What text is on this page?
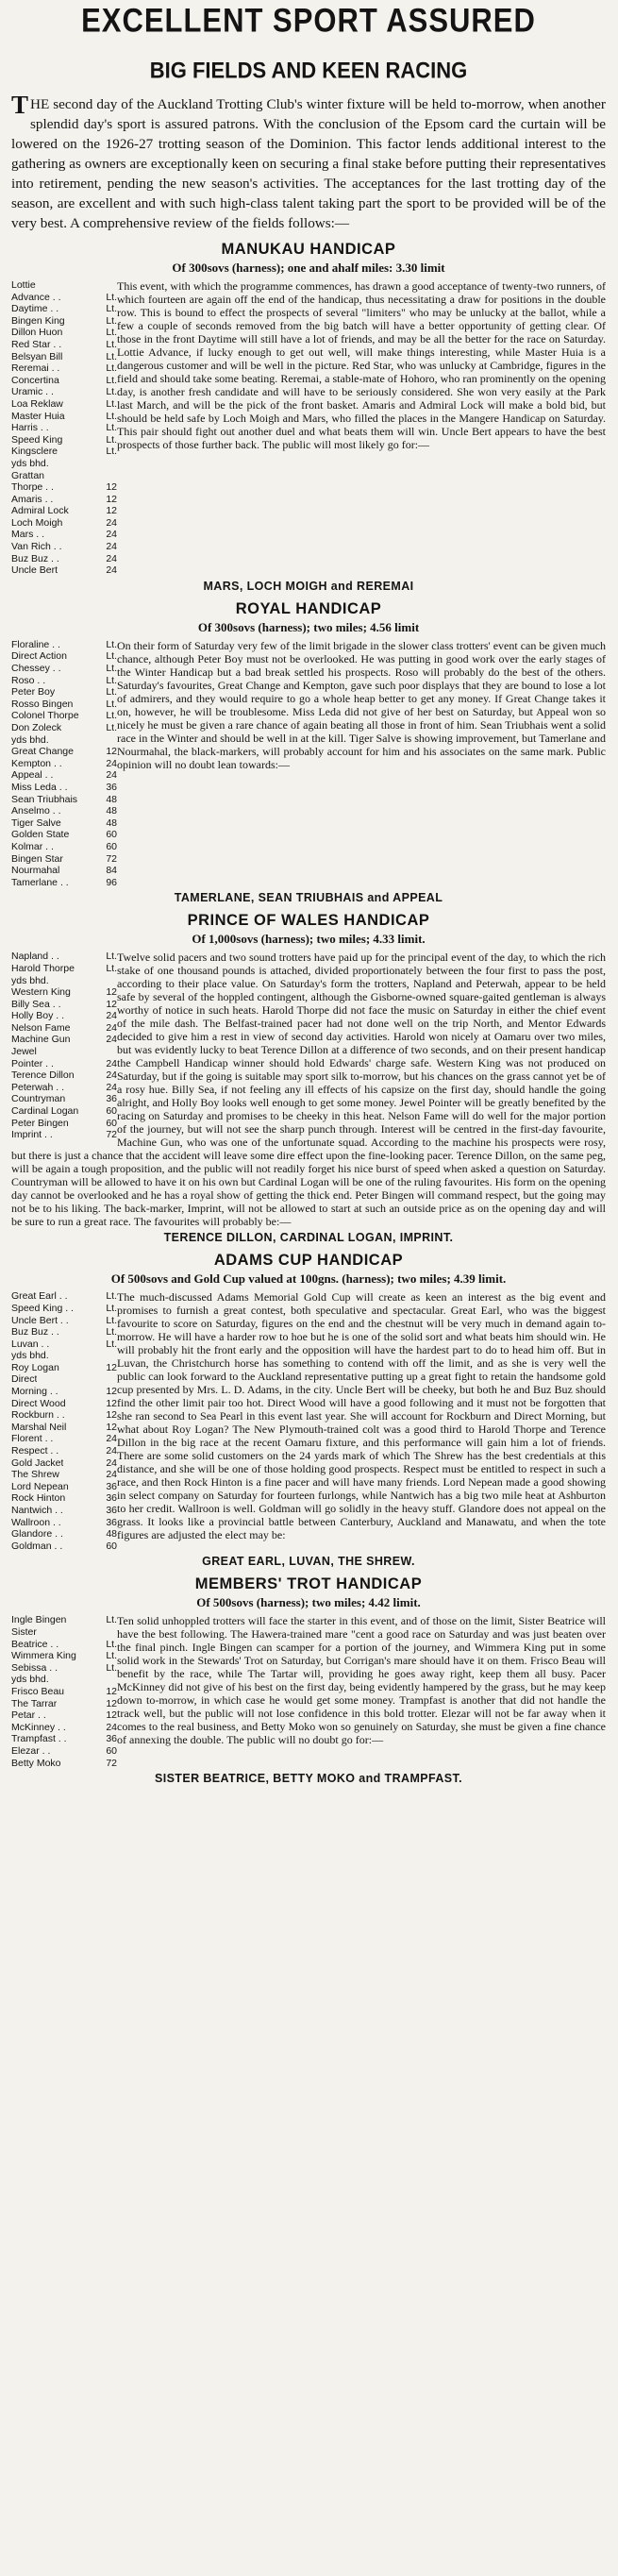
EXCELLENT SPORT ASSURED
BIG FIELDS AND KEEN RACING
THE second day of the Auckland Trotting Club's winter fixture will be held to-morrow, when another splendid day's sport is assured patrons. With the conclusion of the Epsom card the curtain will be lowered on the 1926-27 trotting season of the Dominion. This factor lends additional interest to the gathering as owners are exceptionally keen on securing a final stake before putting their representatives into retirement, pending the new season's activities. The acceptances for the last trotting day of the season, are excellent and with such high-class talent taking part the sport to be provided will be of the very best. A comprehensive review of the fields follows:—
MANUKAU HANDICAP
Of 300sovs (harness); one and ahalf miles: 3.30 limit
Lottie
Advance . .	Lt.
Daytime . .	Lt.
Bingen King	Lt.
Dillon Huon	Lt.
Red Star . .	Lt.
Belsyan Bill	Lt.
Reremai . .	Lt.
Concertina	Lt.
Uramic . .	Lt.
Loa Reklaw	Lt.
Master Huia	Lt.
Harris . .	Lt.
Speed King	Lt.
Kingsclere	Lt.
yds bhd.
Grattan
Thorpe . .	12
Amaris . .	12
Admiral Lock	12
Loch Moigh	24
Mars . .	24
Van Rich . .	24
Buz Buz . .	24
Uncle Bert	24
This event, with which the programme commences, has drawn a good acceptance of twenty-two runners, of which fourteen are again off the end of the handicap, thus necessitating a draw for positions in the double row. This is bound to effect the prospects of several "limiters" who may be unlucky at the ballot, while a few a couple of seconds removed from the big batch will have a better opportunity of getting clear. Of those in the front Daytime will still have a lot of friends, and may be all the better for the race on Saturday. Lottie Advance, if lucky enough to get out well, will make things interesting, while Master Huia is a dangerous customer and will be well in the picture. Red Star, who was unlucky at Cambridge, figures in the field and should take some beating. Reremai, a stable-mate of Hohoro, who ran prominently on the opening day, is another fresh candidate and will have to be seriously considered. She won very easily at the Park last March, and will be the pick of the front basket. Amaris and Admiral Lock will make a bold bid, but should be held safe by Loch Moigh and Mars, who filled the places in the Mangere Handicap on Saturday. This pair should fight out another duel and what beats them will win. Uncle Bert appears to have the best prospects of those further back. The public will most likely go for:—
MARS, LOCH MOIGH and REREMAI
ROYAL HANDICAP
Of 300sovs (harness); two miles; 4.56 limit
Floraline . .	Lt.
Direct Action	Lt.
Chessey . .	Lt.
Roso . .	Lt.
Peter Boy	Lt.
Rosso Bingen	Lt.
Colonel Thorpe	Lt.
Don Zoleck	Lt.
yds bhd.
Great Change	12
Kempton . .	24
Appeal . .	24
Miss Leda . .	36
Sean Triubhais	48
Anselmo . .	48
Tiger Salve	48
Golden State	60
Kolmar . .	60
Bingen Star	72
Nourmahal	84
Tamerlane . .	96
On their form of Saturday very few of the limit brigade in the slower class trotters' event can be given much chance, although Peter Boy must not be overlooked. He was putting in good work over the early stages of the Winter Handicap but a bad break settled his prospects. Roso will probably do the best of the others. Saturday's favourites, Great Change and Kempton, gave such poor displays that they are bound to lose a lot of admirers, and they would require to go a whole heap better to get any money. If Great Change takes it on, however, he will be troublesome. Miss Leda did not give of her best on Saturday, but Appeal won so nicely he must be given a rare chance of again beating all those in front of him. Sean Triubhais went a solid race in the Winter and should be well in at the kill. Tiger Salve is showing improvement, but Tamerlane and Nourmahal, the black-markers, will probably account for him and his associates on the same mark. Public opinion will no doubt lean towards:—
TAMERLANE, SEAN TRIUBHAIS and APPEAL
PRINCE OF WALES HANDICAP
Of 1,000sovs (harness); two miles; 4.33 limit.
Napland . .	Lt.
Harold Thorpe	Lt.
yds bhd.
Western King	12
Billy Sea . .	12
Holly Boy . .	24
Nelson Fame	24
Machine Gun	24
Jewel
Pointer . .	24
Terence Dillon	24
Peterwah . .	24
Countryman	36
Cardinal Logan	60
Peter Bingen	60
Imprint . .	72
Twelve solid pacers and two sound trotters have paid up for the principal event of the day, to which the rich stake of one thousand pounds is attached, divided proportionately between the four first to pass the post, according to their place value. On Saturday's form the trotters, Napland and Peterwah, appear to be held safe by several of the hoppled contingent, although the Gisborne-owned square-gaited gentleman is always worthy of notice in such heats. Harold Thorpe did not face the music on Saturday in either the chief event of the mile dash. The Belfast-trained pacer had not done well on the trip North, and Mentor Edwards decided to give him a rest in view of second day activities. Harold won nicely at Oamaru over two miles, but was evidently lucky to beat Terence Dillon at a difference of two seconds, and on their present handicap the Campbell Handicap winner should hold Edwards' charge safe. Western King was not produced on Saturday, but if the going is suitable may sport silk to-morrow, but his chances on the grass cannot yet be of a rosy hue. Billy Sea, if not feeling any ill effects of his capsize on the first day, should handle the going alright, and Holly Boy looks well enough to get some money. Jewel Pointer will be greatly benefited by the racing on Saturday and promises to be cheeky in this heat. Nelson Fame will do well for the major portion of the journey, but will not see the sharp punch through. Interest will be centred in the first-day favourite, Machine Gun, who was one of the unfortunate squad. According to the machine his prospects were rosy, but there is just a chance that the accident will leave some dire effect upon the fine-looking pacer. Terence Dillon, on the same peg, will be again a tough proposition, and the public will not readily forget his nice burst of speed when asked a question on Saturday. Countryman will be allowed to have it on his own but Cardinal Logan will be one of the ruling favourites. His form on the opening day cannot be overlooked and he has a royal show of getting the thick end. Peter Bingen will command respect, but the going may not be to his liking. The back-marker, Imprint, will not be allowed to start at such an outside price as on the opening day and will be sure to run a great race. The favourites will probably be:—
TERENCE DILLON, CARDINAL LOGAN, IMPRINT.
ADAMS CUP HANDICAP
Of 500sovs and Gold Cup valued at 100gns. (harness); two miles; 4.39 limit.
Great Earl . .	Lt.
Speed King . .	Lt.
Uncle Bert . .	Lt.
Buz Buz . .	Lt.
Luvan . .	Lt.
yds bhd.
Roy Logan	12
Direct
Morning . .	12
Direct Wood	12
Rockburn . .	12
Marshal Neil	12
Florent . .	24
Respect . .	24
Gold Jacket	24
The Shrew	24
Lord Nepean	36
Rock Hinton	36
Nantwich . .	36
Wallroon . .	36
Glandore . .	48
Goldman . .	60
The much-discussed Adams Memorial Gold Cup will create as keen an interest as the big event and promises to furnish a great contest, both speculative and spectacular. Great Earl, who was the biggest favourite to score on Saturday, figures on the end and the chestnut will be very much in demand again to-morrow. He will have a harder row to hoe but he is one of the solid sort and what beats him should win. He will probably hit the front early and the opposition will have the hardest part to do to head him off. But in Luvan, the Christchurch horse has something to contend with off the limit, and as she is very well the public can look forward to the Auckland representative putting up a great fight to retain the handsome gold cup presented by Mrs. L. D. Adams, in the city. Uncle Bert will be cheeky, but both he and Buz Buz should find the other limit pair too hot. Direct Wood will have a good following and it must not be forgotten that she ran second to Sea Pearl in this event last year. She will account for Rockburn and Direct Morning, but what about Roy Logan? The New Plymouth-trained colt was a good third to Harold Thorpe and Terence Dillon in the big race at the recent Oamaru fixture, and this performance will gain him a lot of friends. There are some solid customers on the 24 yards mark of which The Shrew has the best credentials at this distance, and she will be one of those holding good prospects. Respect must be entitled to respect in such a race, and then Rock Hinton is a fine pacer and will have many friends. Lord Nepean made a good showing in select company on Saturday for fourteen furlongs, while Nantwich has a big two mile heat at Ashburton to her credit. Wallroon is well. Goldman will go solidly in the heavy stuff. Glandore does not appeal on the grass. It looks like a provincial battle between Canterbury, Auckland and Manawatu, and when the tote figures are adjusted the elect may be:
GREAT EARL, LUVAN, THE SHREW.
MEMBERS' TROT HANDICAP
Of 500sovs (harness); two miles; 4.42 limit.
Ingle Bingen	Lt.
Sister
Beatrice . .	Lt.
Wimmera King	Lt.
Sebissa . .	Lt.
yds bhd.
Frisco Beau	12
The Tarrar	12
Petar . .	12
McKinney . .	24
Trampfast . .	36
Elezar . .	60
Betty Moko	72
Ten solid unhoppled trotters will face the starter in this event, and of those on the limit, Sister Beatrice will have the best following. The Hawera-trained mare "cent a good race on Saturday and was just beaten over the final pinch. Ingle Bingen can scamper for a portion of the journey, and Wimmera King put in some solid work in the Stewards' Trot on Saturday, but Corrigan's mare should have it on them. Frisco Beau will benefit by the race, while The Tartar will, providing he goes away right, keep them all busy. Pacer McKinney did not give of his best on the first day, being evidently hampered by the grass, but he may keep down to-morrow, in which case he would get some money. Trampfast is another that did not handle the track well, but the public will not lose confidence in this bold trotter. Elezar will not be far away when it comes to the real business, and Betty Moko won so genuinely on Saturday, she must be given a fine chance of annexing the double. The public will no doubt go for:—
SISTER BEATRICE, BETTY MOKO and TRAMPFAST.
